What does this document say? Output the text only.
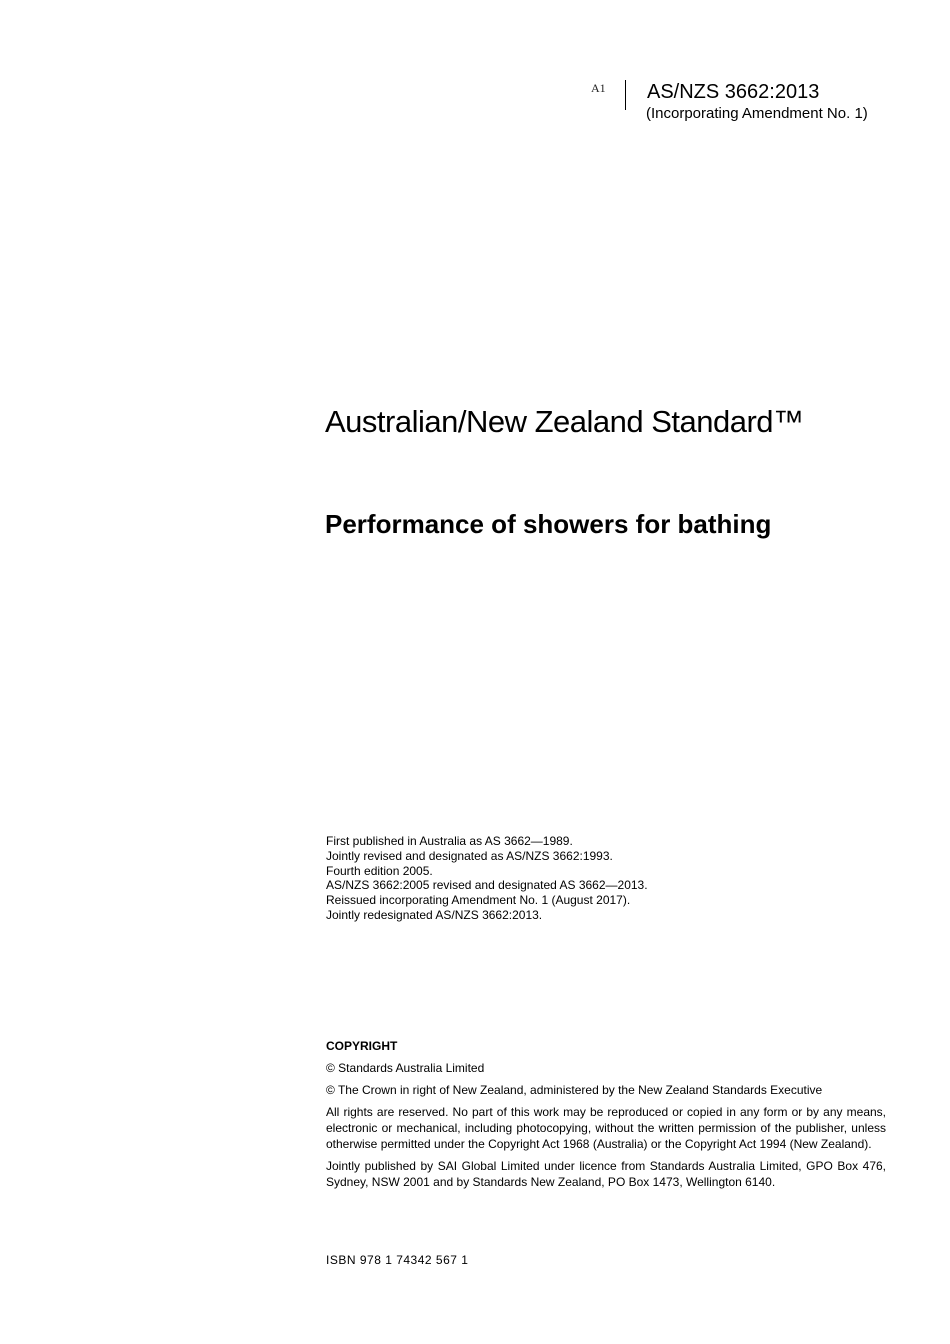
A1 AS/NZS 3662:2013
(Incorporating Amendment No. 1)
Australian/New Zealand Standard™
Performance of showers for bathing
First published in Australia as AS 3662—1989.
Jointly revised and designated as AS/NZS 3662:1993.
Fourth edition 2005.
AS/NZS 3662:2005 revised and designated AS 3662—2013.
Reissued incorporating Amendment No. 1 (August 2017).
Jointly redesignated AS/NZS 3662:2013.
COPYRIGHT
© Standards Australia Limited
© The Crown in right of New Zealand, administered by the New Zealand Standards Executive
All rights are reserved. No part of this work may be reproduced or copied in any form or by any means, electronic or mechanical, including photocopying, without the written permission of the publisher, unless otherwise permitted under the Copyright Act 1968 (Australia) or the Copyright Act 1994 (New Zealand).
Jointly published by SAI Global Limited under licence from Standards Australia Limited, GPO Box 476, Sydney, NSW 2001 and by Standards New Zealand, PO Box 1473, Wellington 6140.
ISBN 978 1 74342 567 1
